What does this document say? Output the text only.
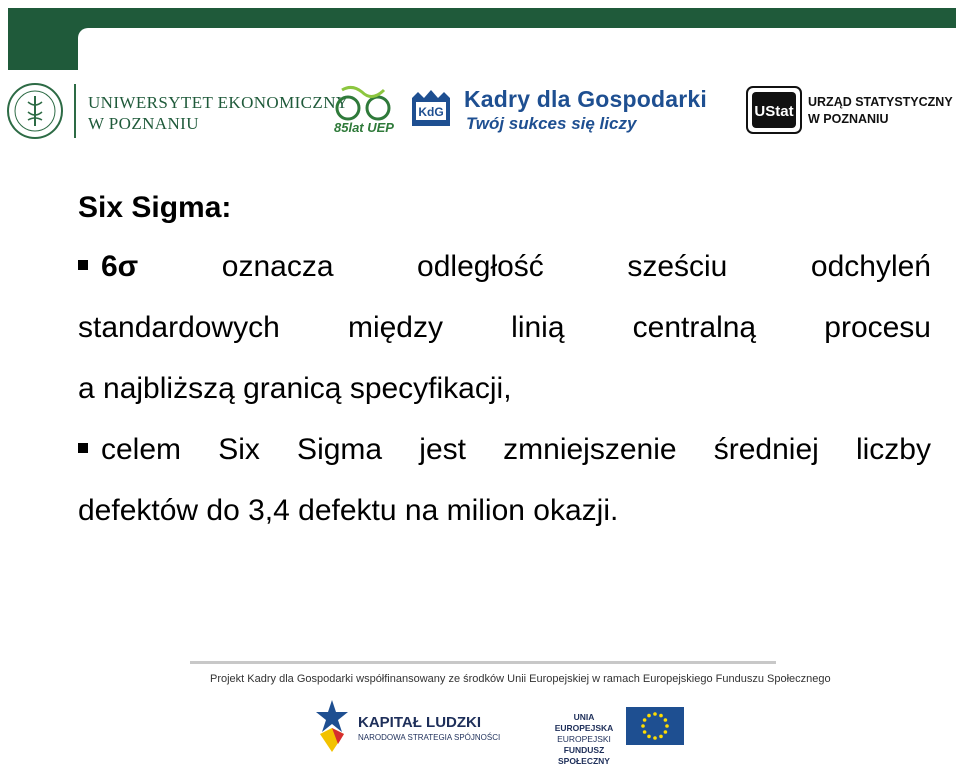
UNIWERSYTET EKONOMICZNY
W POZNANIU	85lat UEP
KdG Kadry dla Gospodarki
Twój sukces się liczy
UStat
URZĄD STATYSTYCZNY
W POZNANIU
Six Sigma:
6σ	oznacza odległość sześciu odchyleń
standardowych między linią centralną procesu
a najbliższą granicą specyfikacji,
celem Six Sigma jest zmniejszenie średniej liczby
defektów do 3,4 defektu na milion okazji.
Projekt Kadry dla Gospodarki współfinansowany ze środków Unii Europejskiej w ramach Europejskiego Funduszu Społecznego
KAPITAŁ LUDZKI
NARODOWA STRATEGIA SPÓJNOŚCI
UNIA EUROPEJSKA
EUROPEJSKI
FUNDUSZ SPOŁECZNY
